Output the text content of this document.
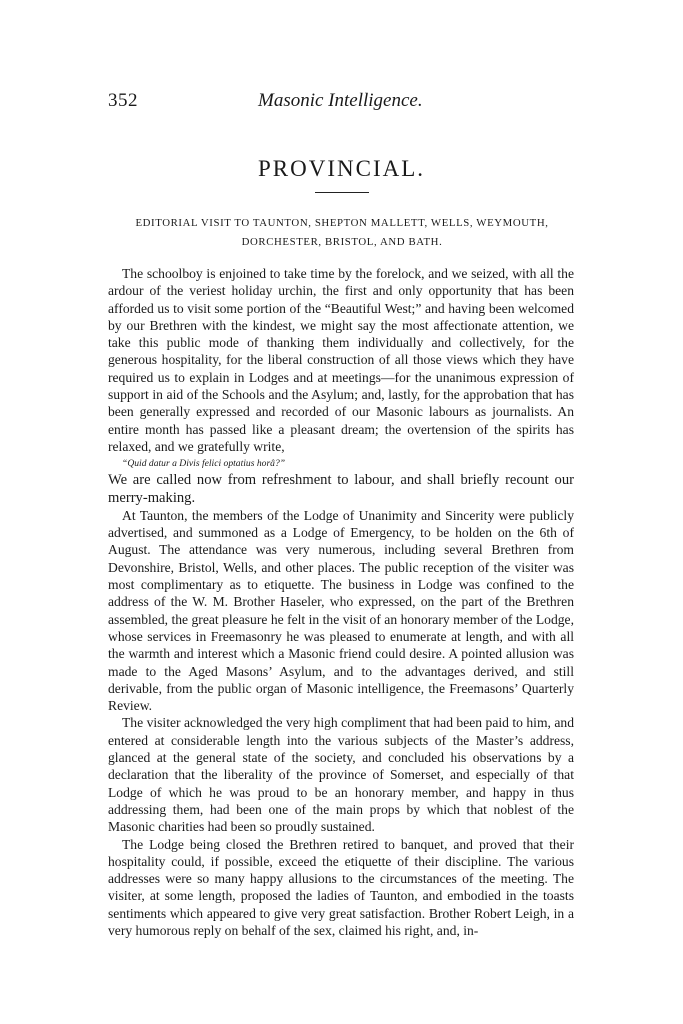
352	Masonic Intelligence.
PROVINCIAL.
EDITORIAL VISIT TO TAUNTON, SHEPTON MALLETT, WELLS, WEYMOUTH,
DORCHESTER, BRISTOL, AND BATH.

The schoolboy is enjoined to take time by the forelock, and we seized, with all the ardour of the veriest holiday urchin, the first and only opportunity that has been afforded us to visit some portion of the “Beautiful West;” and having been welcomed by our Brethren with the kindest, we might say the most affectionate attention, we take this public mode of thanking them individually and collectively, for the generous hospitality, for the liberal construction of all those views which they have required us to explain in Lodges and at meetings—for the unanimous expression of support in aid of the Schools and the Asylum; and, lastly, for the approbation that has been generally expressed and recorded of our Masonic labours as journalists. An entire month has passed like a pleasant dream; the overtension of the spirits has relaxed, and we gratefully write,

“Quid datur a Divis felici optatius horâ?”

We are called now from refreshment to labour, and shall briefly recount our merry-making.

At Taunton, the members of the Lodge of Unanimity and Sincerity were publicly advertised, and summoned as a Lodge of Emergency, to be holden on the 6th of August. The attendance was very numerous, including several Brethren from Devonshire, Bristol, Wells, and other places. The public reception of the visiter was most complimentary as to etiquette. The business in Lodge was confined to the address of the W. M. Brother Haseler, who expressed, on the part of the Brethren assembled, the great pleasure he felt in the visit of an honorary member of the Lodge, whose services in Freemasonry he was pleased to enumerate at length, and with all the warmth and interest which a Masonic friend could desire. A pointed allusion was made to the Aged Masons’ Asylum, and to the advantages derived, and still derivable, from the public organ of Masonic intelligence, the Freemasons’ Quarterly Review.

The visiter acknowledged the very high compliment that had been paid to him, and entered at considerable length into the various subjects of the Master’s address, glanced at the general state of the society, and concluded his observations by a declaration that the liberality of the province of Somerset, and especially of that Lodge of which he was proud to be an honorary member, and happy in thus addressing them, had been one of the main props by which that noblest of the Masonic charities had been so proudly sustained.

The Lodge being closed the Brethren retired to banquet, and proved that their hospitality could, if possible, exceed the etiquette of their discipline. The various addresses were so many happy allusions to the circumstances of the meeting. The visiter, at some length, proposed the ladies of Taunton, and embodied in the toasts sentiments which appeared to give very great satisfaction. Brother Robert Leigh, in a very humorous reply on behalf of the sex, claimed his right, and, in-
